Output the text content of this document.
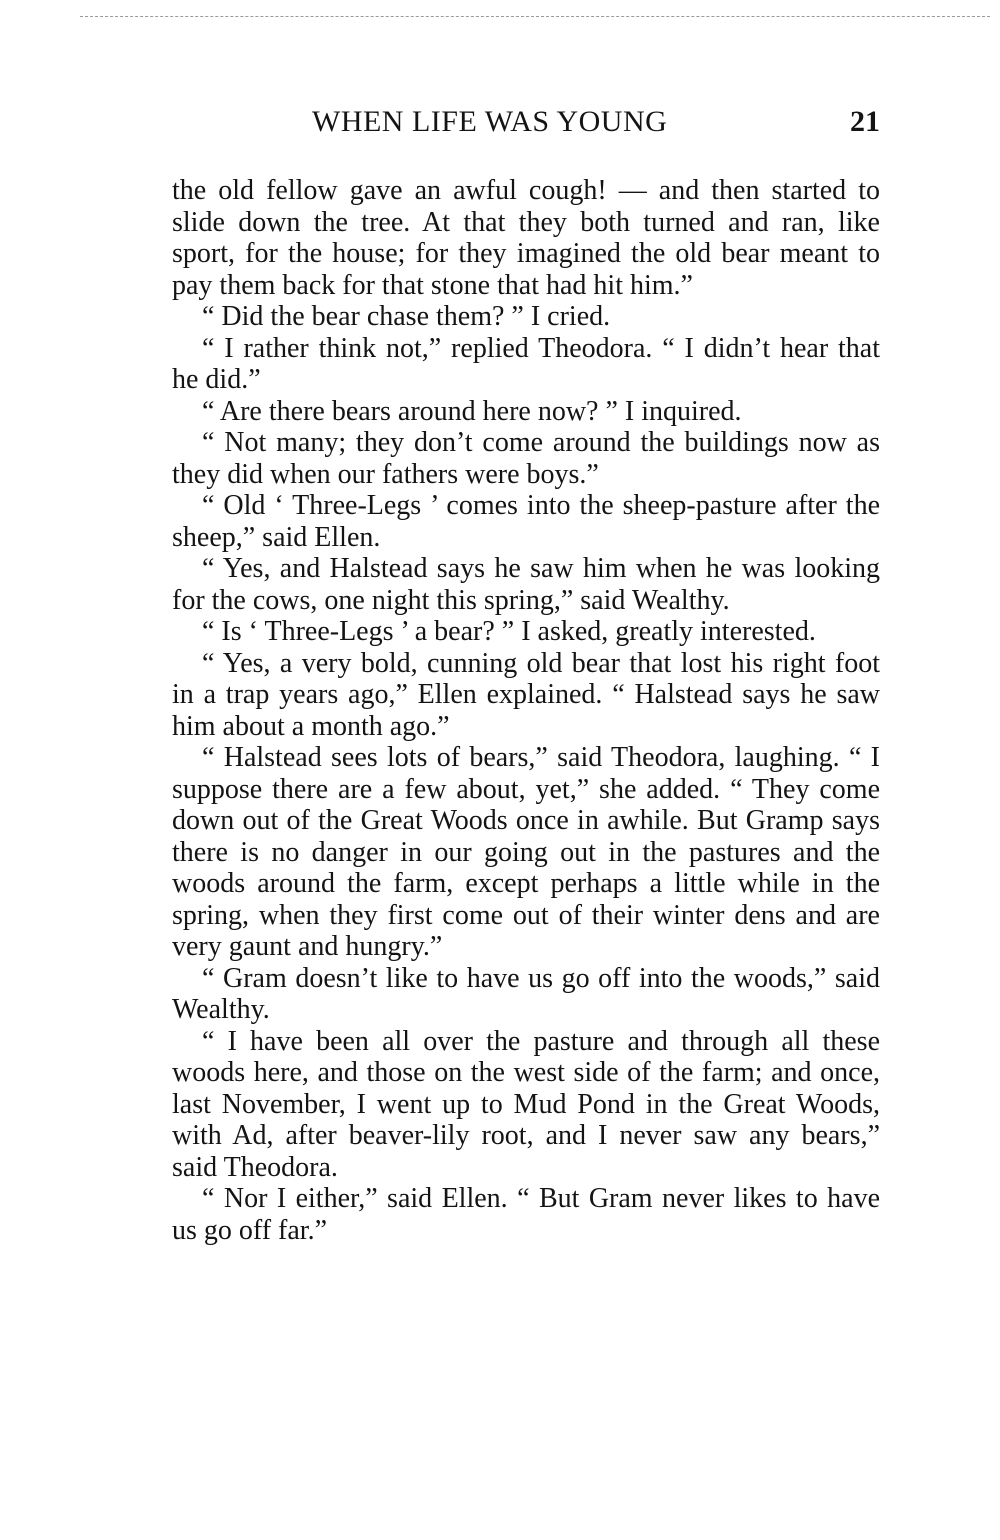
WHEN LIFE WAS YOUNG	21

the old fellow gave an awful cough! — and then started to slide down the tree. At that they both turned and ran, like sport, for the house; for they imagined the old bear meant to pay them back for that stone that had hit him.”

“ Did the bear chase them? ” I cried.

“ I rather think not,” replied Theodora. “ I didn’t hear that he did.”

“ Are there bears around here now? ” I inquired.

“ Not many; they don’t come around the buildings now as they did when our fathers were boys.”

“ Old ‘ Three-Legs ’ comes into the sheep-pasture after the sheep,” said Ellen.

“ Yes, and Halstead says he saw him when he was looking for the cows, one night this spring,” said Wealthy.

“ Is ‘ Three-Legs ’ a bear? ” I asked, greatly interested.

“ Yes, a very bold, cunning old bear that lost his right foot in a trap years ago,” Ellen explained. “ Halstead says he saw him about a month ago.”

“ Halstead sees lots of bears,” said Theodora, laughing. “ I suppose there are a few about, yet,” she added. “ They come down out of the Great Woods once in awhile. But Gramp says there is no danger in our going out in the pastures and the woods around the farm, except perhaps a little while in the spring, when they first come out of their winter dens and are very gaunt and hungry.”

“ Gram doesn’t like to have us go off into the woods,” said Wealthy.

“ I have been all over the pasture and through all these woods here, and those on the west side of the farm; and once, last November, I went up to Mud Pond in the Great Woods, with Ad, after beaver-lily root, and I never saw any bears,” said Theodora.

“ Nor I either,” said Ellen. “ But Gram never likes to have us go off far.”
